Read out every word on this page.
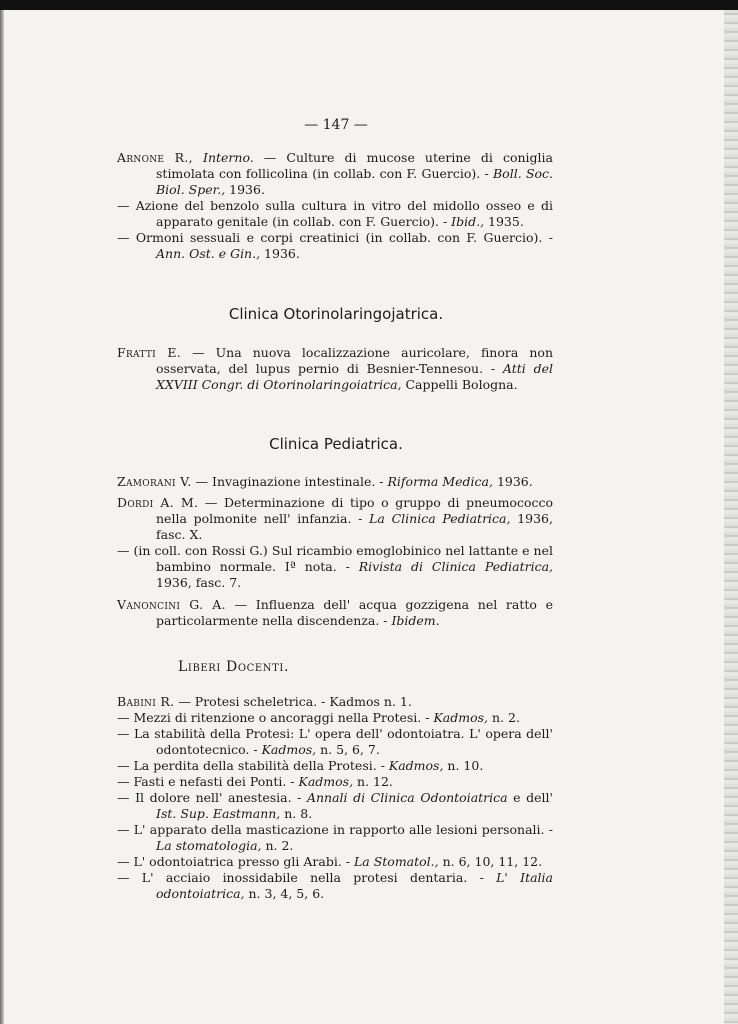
— 147 —
Arnone R., Interno. — Culture di mucose uterine di coniglia stimolata con follicolina (in collab. con F. Guercio). - Boll. Soc. Biol. Sper., 1936.
— Azione del benzolo sulla cultura in vitro del midollo osseo e di apparato genitale (in collab. con F. Guercio). - Ibid., 1935.
— Ormoni sessuali e corpi creatinici (in collab. con F. Guercio). - Ann. Ost. e Gin., 1936.
Clinica Otorinolaringojatrica.
Fratti E. — Una nuova localizzazione auricolare, finora non osservata, del lupus pernio di Besnier-Tennesou. - Atti del XXVIII Congr. di Otorinolaringoiatrica, Cappelli Bologna.
Clinica Pediatrica.
Zamorani V. — Invaginazione intestinale. - Riforma Medica, 1936.
Dordi A. M. — Determinazione di tipo o gruppo di pneumococco nella polmonite nell' infanzia. - La Clinica Pediatrica, 1936, fasc. X.
— (in coll. con Rossi G.) Sul ricambio emoglobinico nel lattante e nel bambino normale. Iª nota. - Rivista di Clinica Pediatrica, 1936, fasc. 7.
Vanoncini G. A. — Influenza dell' acqua gozzigena nel ratto e particolarmente nella discendenza. - Ibidem.
Liberi Docenti.
Babini R. — Protesi scheletrica. - Kadmos n. 1.
— Mezzi di ritenzione o ancoraggi nella Protesi. - Kadmos, n. 2.
— La stabilità della Protesi: L' opera dell' odontoiatra. L' opera dell' odontotecnico. - Kadmos, n. 5, 6, 7.
— La perdita della stabilità della Protesi. - Kadmos, n. 10.
— Fasti e nefasti dei Ponti. - Kadmos, n. 12.
— Il dolore nell' anestesia. - Annali di Clinica Odontoiatrica e dell' Ist. Sup. Eastmann, n. 8.
— L' apparato della masticazione in rapporto alle lesioni personali. - La stomatologia, n. 2.
— L' odontoiatrica presso gli Arabi. - La Stomatol., n. 6, 10, 11, 12.
— L' acciaio inossidabile nella protesi dentaria. - L' Italia odontoiatrica, n. 3, 4, 5, 6.
